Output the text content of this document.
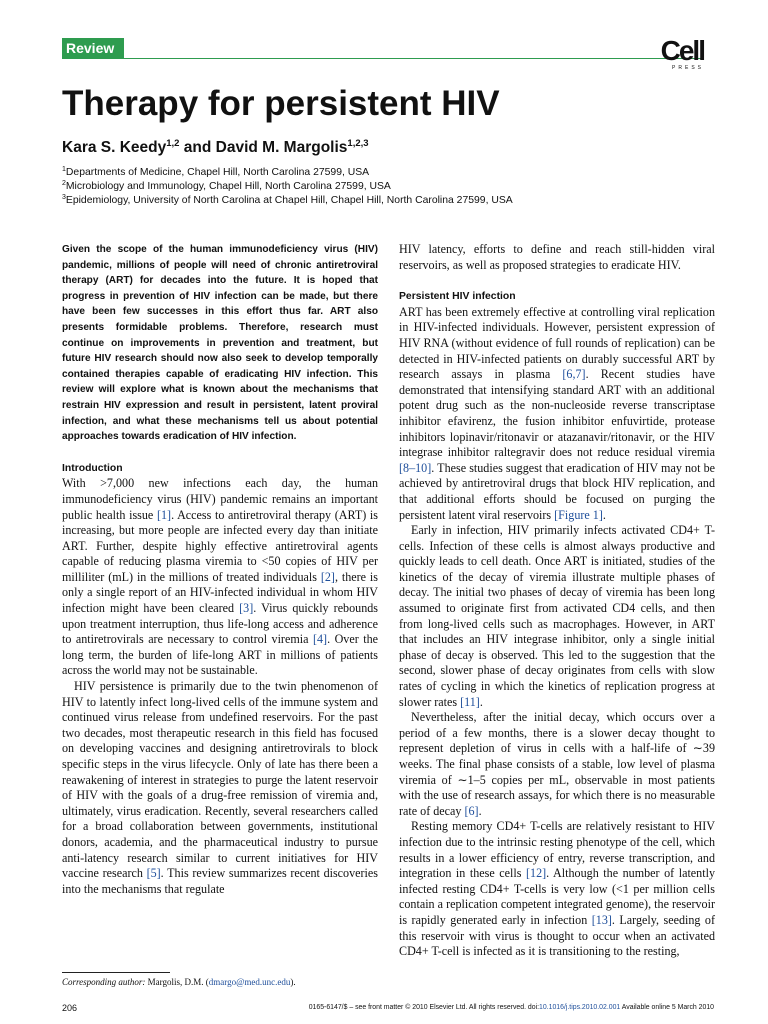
Review	Cell
PRESS
Therapy for persistent HIV
Kara S. Keedy$^{1,2}$ and David M. Margolis$^{1,2,3}$
$^1$Departments of Medicine, Chapel Hill, North Carolina 27599, USA
$^2$Microbiology and Immunology, Chapel Hill, North Carolina 27599, USA
$^3$Epidemiology, University of North Carolina at Chapel Hill, Chapel Hill, North Carolina 27599, USA

Given the scope of the human immunodeficiency virus (HIV) pandemic, millions of people will need of chronic antiretroviral therapy (ART) for decades into the future. It is hoped that progress in prevention of HIV infection can be made, but there have been few successes in this effort thus far. ART also presents formidable problems. Therefore, research must continue on improvements in prevention and treatment, but future HIV research should now also seek to develop temporally contained therapies capable of eradicating HIV infection. This review will explore what is known about the mechanisms that restrain HIV expression and result in persistent, latent proviral infection, and what these mechanisms tell us about potential approaches towards eradication of HIV infection.

Introduction

With >7,000 new infections each day, the human immunodeficiency virus (HIV) pandemic remains an important public health issue [1]. Access to antiretroviral therapy (ART) is increasing, but more people are infected every day than initiate ART. Further, despite highly effective antiretroviral agents capable of reducing plasma viremia to <50 copies of HIV per milliliter (mL) in the millions of treated individuals [2], there is only a single report of an HIV-infected individual in whom HIV infection might have been cleared [3]. Virus quickly rebounds upon treatment interruption, thus life-long access and adherence to antiretrovirals are necessary to control viremia [4]. Over the long term, the burden of life-long ART in millions of patients across the world may not be sustainable.

HIV persistence is primarily due to the twin phenomenon of HIV to latently infect long-lived cells of the immune system and continued virus release from undefined reservoirs. For the past two decades, most therapeutic research in this field has focused on developing vaccines and designing antiretrovirals to block specific steps in the virus lifecycle. Only of late has there been a reawakening of interest in strategies to purge the latent reservoir of HIV with the goals of a drug-free remission of viremia and, ultimately, virus eradication. Recently, several researchers called for a broad collaboration between governments, institutional donors, academia, and the pharmaceutical industry to pursue anti-latency research similar to current initiatives for HIV vaccine research [5]. This review summarizes recent discoveries into the mechanisms that regulate

HIV latency, efforts to define and reach still-hidden viral reservoirs, as well as proposed strategies to eradicate HIV.

Persistent HIV infection

ART has been extremely effective at controlling viral replication in HIV-infected individuals. However, persistent expression of HIV RNA (without evidence of full rounds of replication) can be detected in HIV-infected patients on durably successful ART by research assays in plasma [6,7]. Recent studies have demonstrated that intensifying standard ART with an additional potent drug such as the non-nucleoside reverse transcriptase inhibitor efavirenz, the fusion inhibitor enfuvirtide, protease inhibitors lopinavir/ritonavir or atazanavir/ritonavir, or the HIV integrase inhibitor raltegravir does not reduce residual viremia [8–10]. These studies suggest that eradication of HIV may not be achieved by antiretroviral drugs that block HIV replication, and that additional efforts should be focused on purging the persistent latent viral reservoirs [Figure 1].

Early in infection, HIV primarily infects activated CD4+ T-cells. Infection of these cells is almost always productive and quickly leads to cell death. Once ART is initiated, studies of the kinetics of the decay of viremia illustrate multiple phases of decay. The initial two phases of decay of viremia has been long assumed to originate first from activated CD4 cells, and then from long-lived cells such as macrophages. However, in ART that includes an HIV integrase inhibitor, only a single initial phase of decay is observed. This led to the suggestion that the second, slower phase of decay originates from cells with slow rates of cycling in which the kinetics of replication progress at slower rates [11].

Nevertheless, after the initial decay, which occurs over a period of a few months, there is a slower decay thought to represent depletion of virus in cells with a half-life of ∼39 weeks. The final phase consists of a stable, low level of plasma viremia of ∼1–5 copies per mL, observable in most patients with the use of research assays, for which there is no measurable rate of decay [6].

Resting memory CD4+ T-cells are relatively resistant to HIV infection due to the intrinsic resting phenotype of the cell, which results in a lower efficiency of entry, reverse transcription, and integration in these cells [12]. Although the number of latently infected resting CD4+ T-cells is very low (<1 per million cells contain a replication competent integrated genome), the reservoir is rapidly generated early in infection [13]. Largely, seeding of this reservoir with virus is thought to occur when an activated CD4+ T-cell is infected as it is transitioning to the resting,

Corresponding author: Margolis, D.M. (dmargo@med.unc.edu).
206	0165-6147/$ – see front matter © 2010 Elsevier Ltd. All rights reserved. doi:10.1016/j.tips.2010.02.001 Available online 5 March 2010
